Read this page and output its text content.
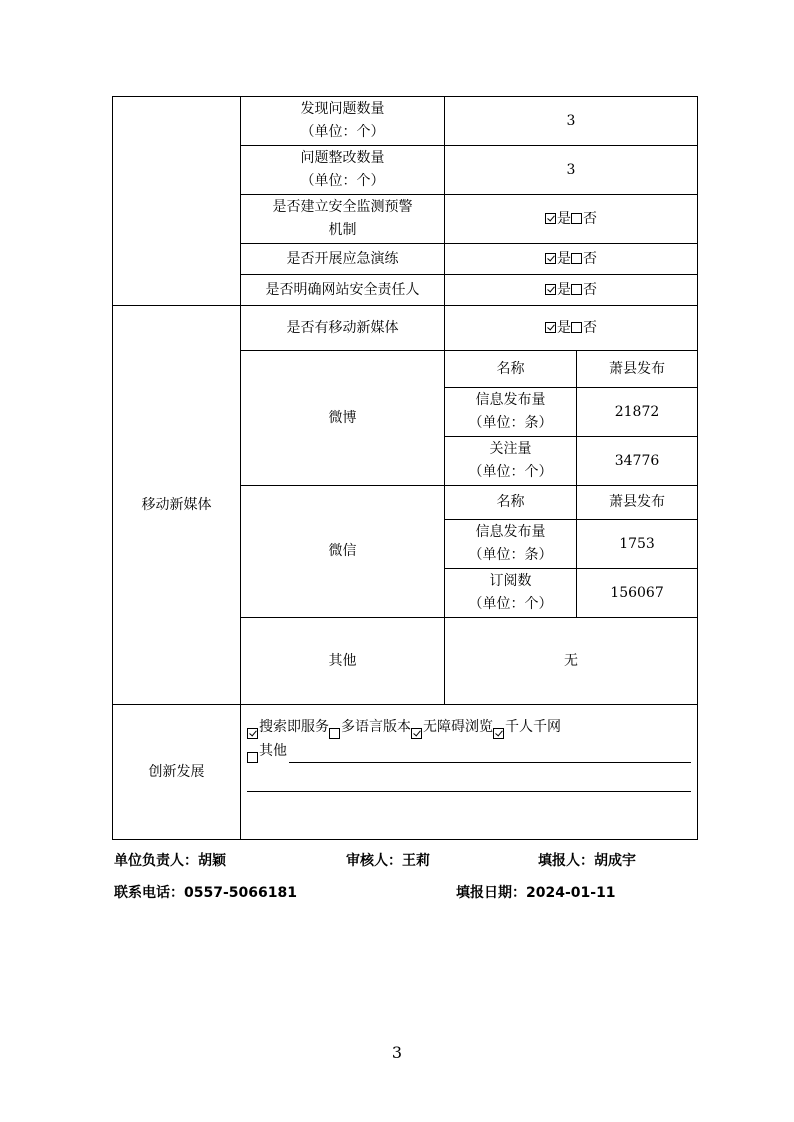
	发现问题数量
（单位：个）	3	

	问题整改数量
（单位：个）	3	

	是否建立安全监测预警
机制	是 否	
	是否开展应急演练	是 否	
	是否明确网站安全责任人	是 否	
移动新媒体	是否有移动新媒体	是 否	
	微博	名称	萧县发布

		信息发布量
（单位：条）	21872

		关注量
（单位：个）	34776
	微信	名称	萧县发布

		信息发布量
（单位：条）	1753

		订阅数
（单位：个）	156067
	其他	无	
创新发展	搜索即服务 多语言版本 无障碍浏览 千人千网
其他		
单位负责人：胡颖	审核人：王莉	填报人：胡成宇
联系电话：0557-5066181	填报日期：2024-01-11
3
